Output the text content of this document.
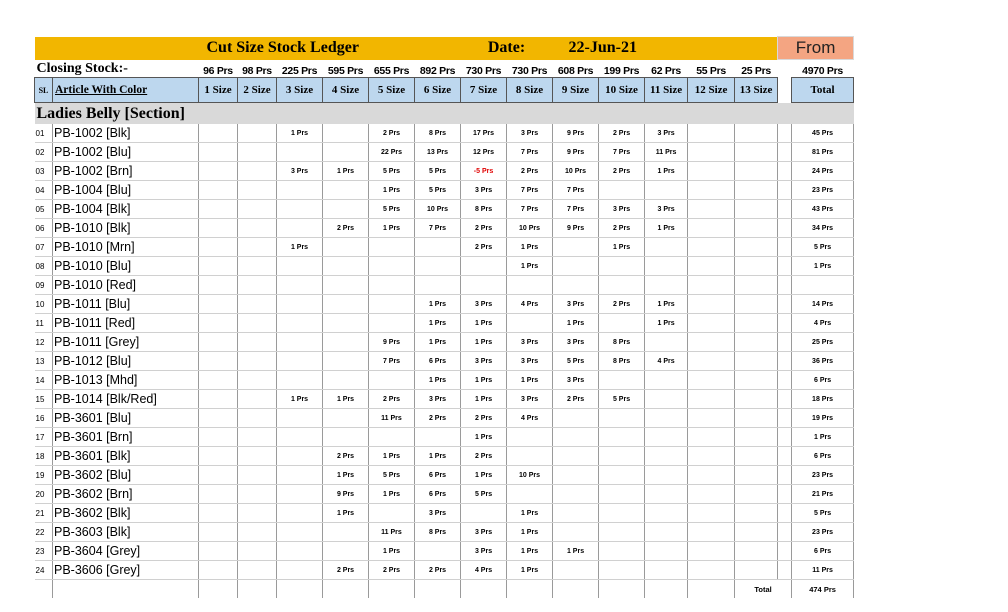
		Cut Size Stock Ledger						Date:		22-Jun-21					From	
Closing Stock:-		96 Prs	98 Prs	225 Prs	595 Prs	655 Prs	892 Prs	730 Prs	730 Prs	608 Prs	199 Prs	62 Prs	55 Prs	25 Prs		4970 Prs
SL	Article With Color	1 Size	2 Size	3 Size	4 Size	5 Size	6 Size	7 Size	8 Size	9 Size	10 Size	11 Size	12 Size	13 Size		Total
Ladies Belly [Section]																
01	PB-1002 [Blk]			1 Prs		2 Prs	8 Prs	17 Prs	3 Prs	9 Prs	2 Prs	3 Prs				45 Prs
02	PB-1002 [Blu]					22 Prs	13 Prs	12 Prs	7 Prs	9 Prs	7 Prs	11 Prs				81 Prs
03	PB-1002 [Brn]			3 Prs	1 Prs	5 Prs	5 Prs	-5 Prs	2 Prs	10 Prs	2 Prs	1 Prs				24 Prs
04	PB-1004 [Blu]					1 Prs	5 Prs	3 Prs	7 Prs	7 Prs						23 Prs
05	PB-1004 [Blk]					5 Prs	10 Prs	8 Prs	7 Prs	7 Prs	3 Prs	3 Prs				43 Prs
06	PB-1010 [Blk]				2 Prs	1 Prs	7 Prs	2 Prs	10 Prs	9 Prs	2 Prs	1 Prs				34 Prs
07	PB-1010 [Mrn]			1 Prs				2 Prs	1 Prs		1 Prs					5 Prs
08	PB-1010 [Blu]								1 Prs							1 Prs
09	PB-1010 [Red]															
10	PB-1011 [Blu]						1 Prs	3 Prs	4 Prs	3 Prs	2 Prs	1 Prs				14 Prs
11	PB-1011 [Red]						1 Prs	1 Prs		1 Prs		1 Prs				4 Prs
12	PB-1011 [Grey]					9 Prs	1 Prs	1 Prs	3 Prs	3 Prs	8 Prs					25 Prs
13	PB-1012 [Blu]					7 Prs	6 Prs	3 Prs	3 Prs	5 Prs	8 Prs	4 Prs				36 Prs
14	PB-1013 [Mhd]						1 Prs	1 Prs	1 Prs	3 Prs						6 Prs
15	PB-1014 [Blk/Red]			1 Prs	1 Prs	2 Prs	3 Prs	1 Prs	3 Prs	2 Prs	5 Prs					18 Prs
16	PB-3601 [Blu]					11 Prs	2 Prs	2 Prs	4 Prs							19 Prs
17	PB-3601 [Brn]							1 Prs								1 Prs
18	PB-3601 [Blk]				2 Prs	1 Prs	1 Prs	2 Prs								6 Prs
19	PB-3602 [Blu]				1 Prs	5 Prs	6 Prs	1 Prs	10 Prs							23 Prs
20	PB-3602 [Brn]				9 Prs	1 Prs	6 Prs	5 Prs								21 Prs
21	PB-3602 [Blk]				1 Prs		3 Prs		1 Prs							5 Prs
22	PB-3603 [Blk]					11 Prs	8 Prs	3 Prs	1 Prs							23 Prs
23	PB-3604 [Grey]					1 Prs		3 Prs	1 Prs	1 Prs						6 Prs
24	PB-3606 [Grey]				2 Prs	2 Prs	2 Prs	4 Prs	1 Prs							11 Prs
														Total		474 Prs
